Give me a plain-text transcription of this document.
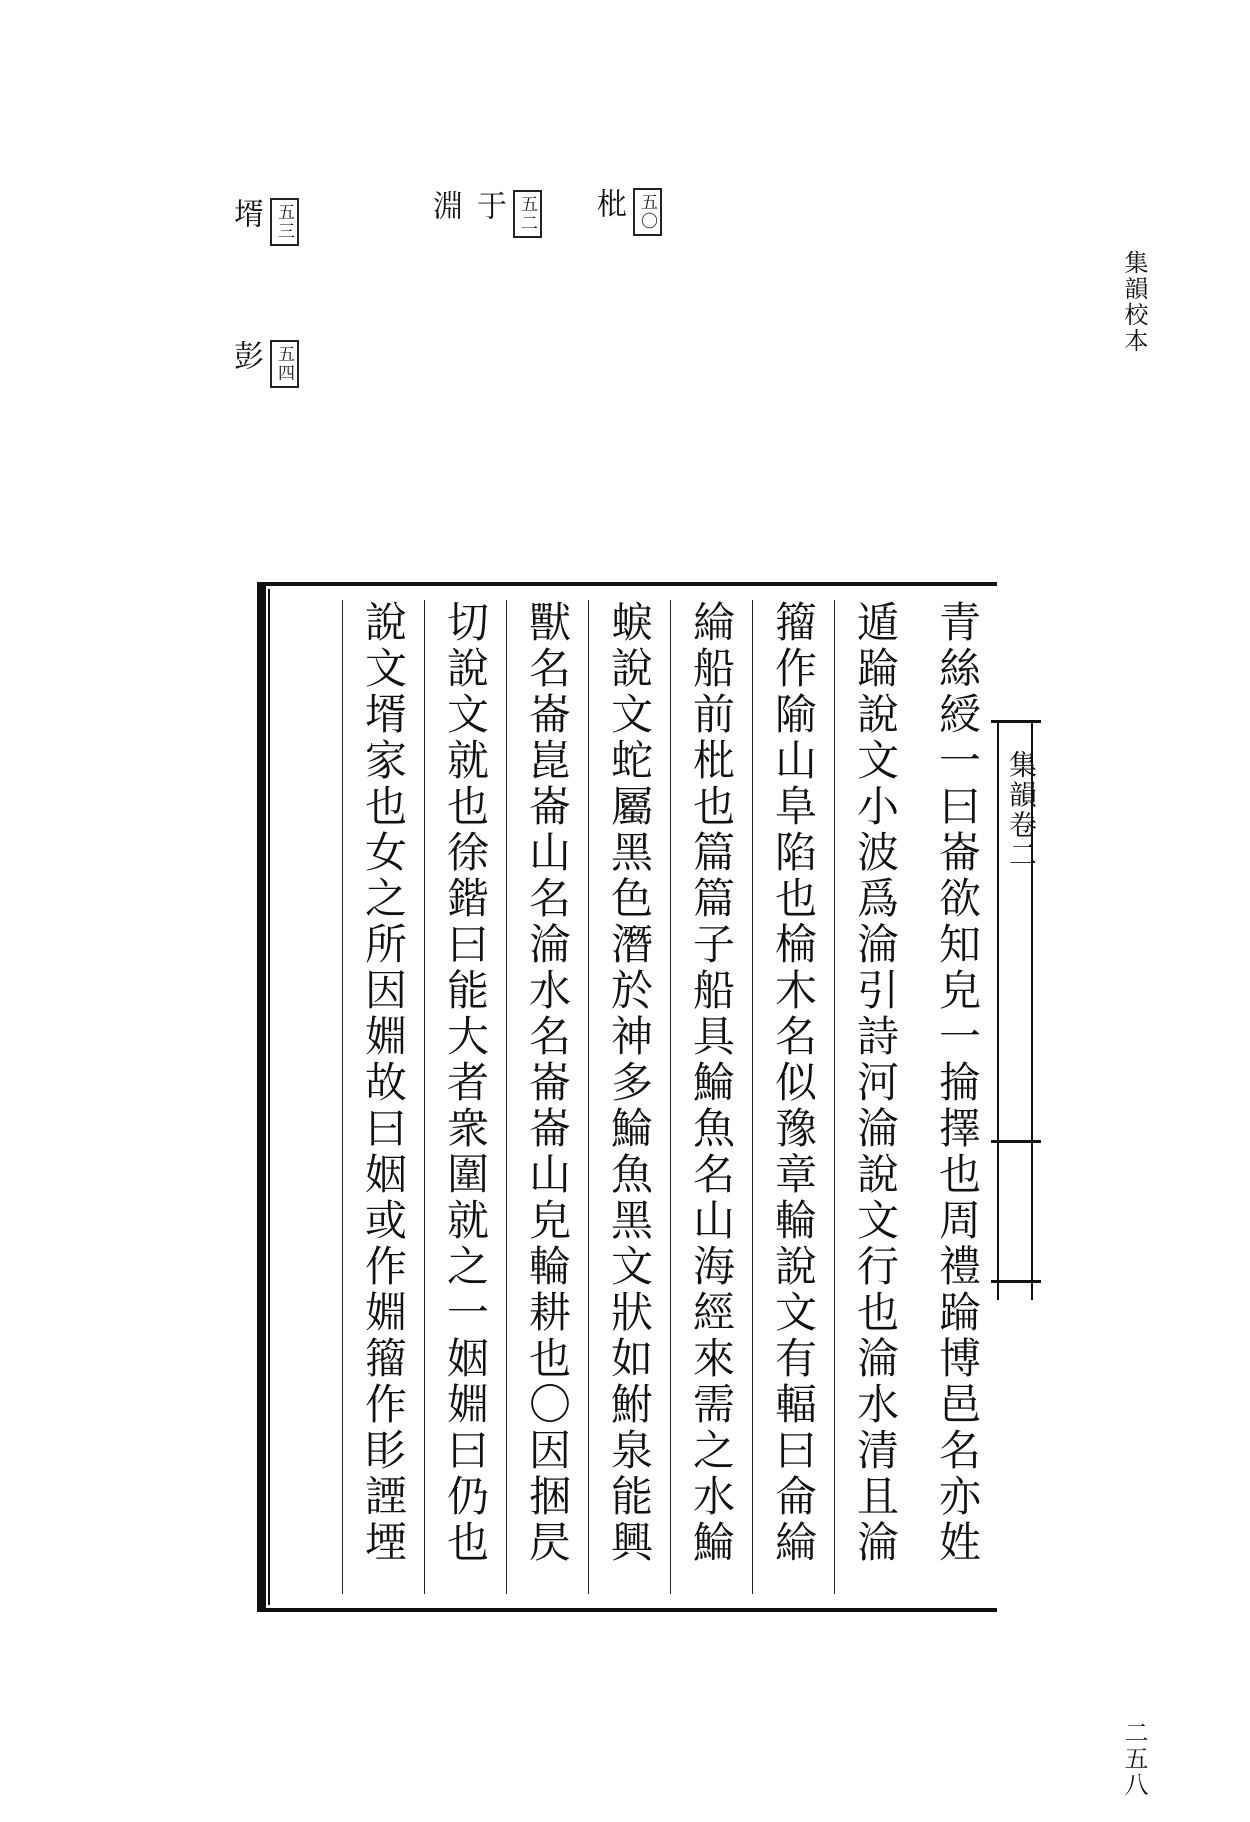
集韻校本
二五八
五〇
枇
五二
于
淵
五三
壻
五四
彭
青絲綬一曰崙欲知皃一掄擇也周禮踚博邑名亦姓
遁踚說文小波爲淪引詩河淪說文行也淪水清且淪
籀作隃山阜陷也棆木名似豫章輪說文有輻曰侖綸
綸船前枇也篇篇子船具鯩魚名山海經來需之水鯩
蜧說文蛇屬黑色潛於神多鯩魚黑文狀如鮒泉能興
獸名崙崑崙山名淪水名崙崙山皃輪耕也〇因捆昃
切說文就也徐鍇曰能大者衆圍就之一姻婣曰仍也
說文壻家也女之所因婣故曰姻或作婣籀作䀐諲堙
集韻卷二
